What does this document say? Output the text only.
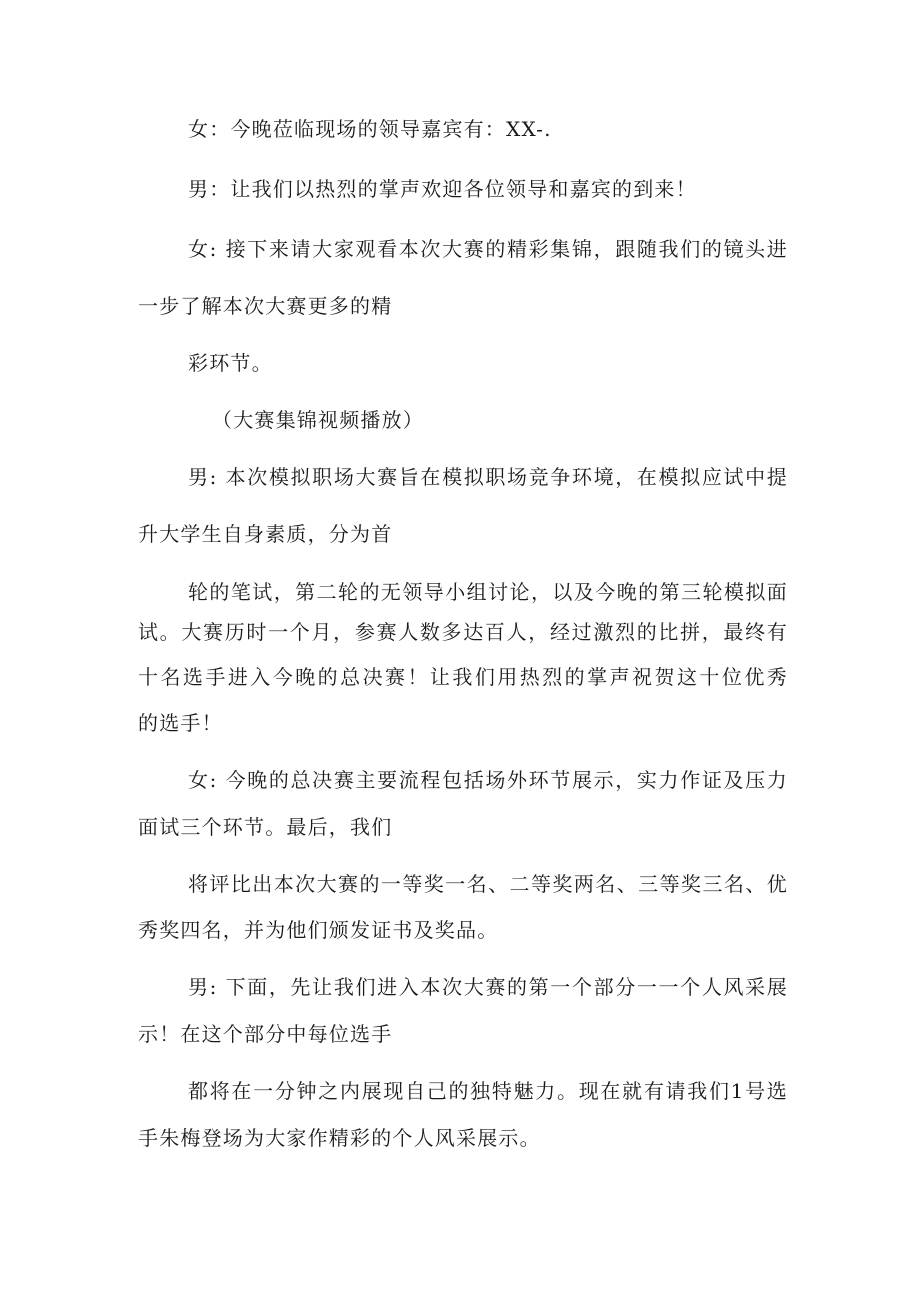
女：今晚莅临现场的领导嘉宾有：XX-.
男：让我们以热烈的掌声欢迎各位领导和嘉宾的到来！
女: 接下来请大家观看本次大赛的精彩集锦，跟随我们的镜头进
一步了解本次大赛更多的精
彩环节。
（大赛集锦视频播放）
男: 本次模拟职场大赛旨在模拟职场竞争环境，在模拟应试中提
升大学生自身素质，分为首
轮的笔试，第二轮的无领导小组讨论，以及今晚的第三轮模拟面
试。大赛历时一个月，参赛人数多达百人，经过激烈的比拼，最终有
十名选手进入今晚的总决赛！让我们用热烈的掌声祝贺这十位优秀
的选手！
女: 今晚的总决赛主要流程包括场外环节展示，实力作证及压力
面试三个环节。最后，我们
将评比出本次大赛的一等奖一名、二等奖两名、三等奖三名、优
秀奖四名，并为他们颁发证书及奖品。
男: 下面，先让我们进入本次大赛的第一个部分一一个人风采展
示！在这个部分中每位选手
都将在一分钟之内展现自己的独特魅力。现在就有请我们1号选
手朱梅登场为大家作精彩的个人风采展示。
